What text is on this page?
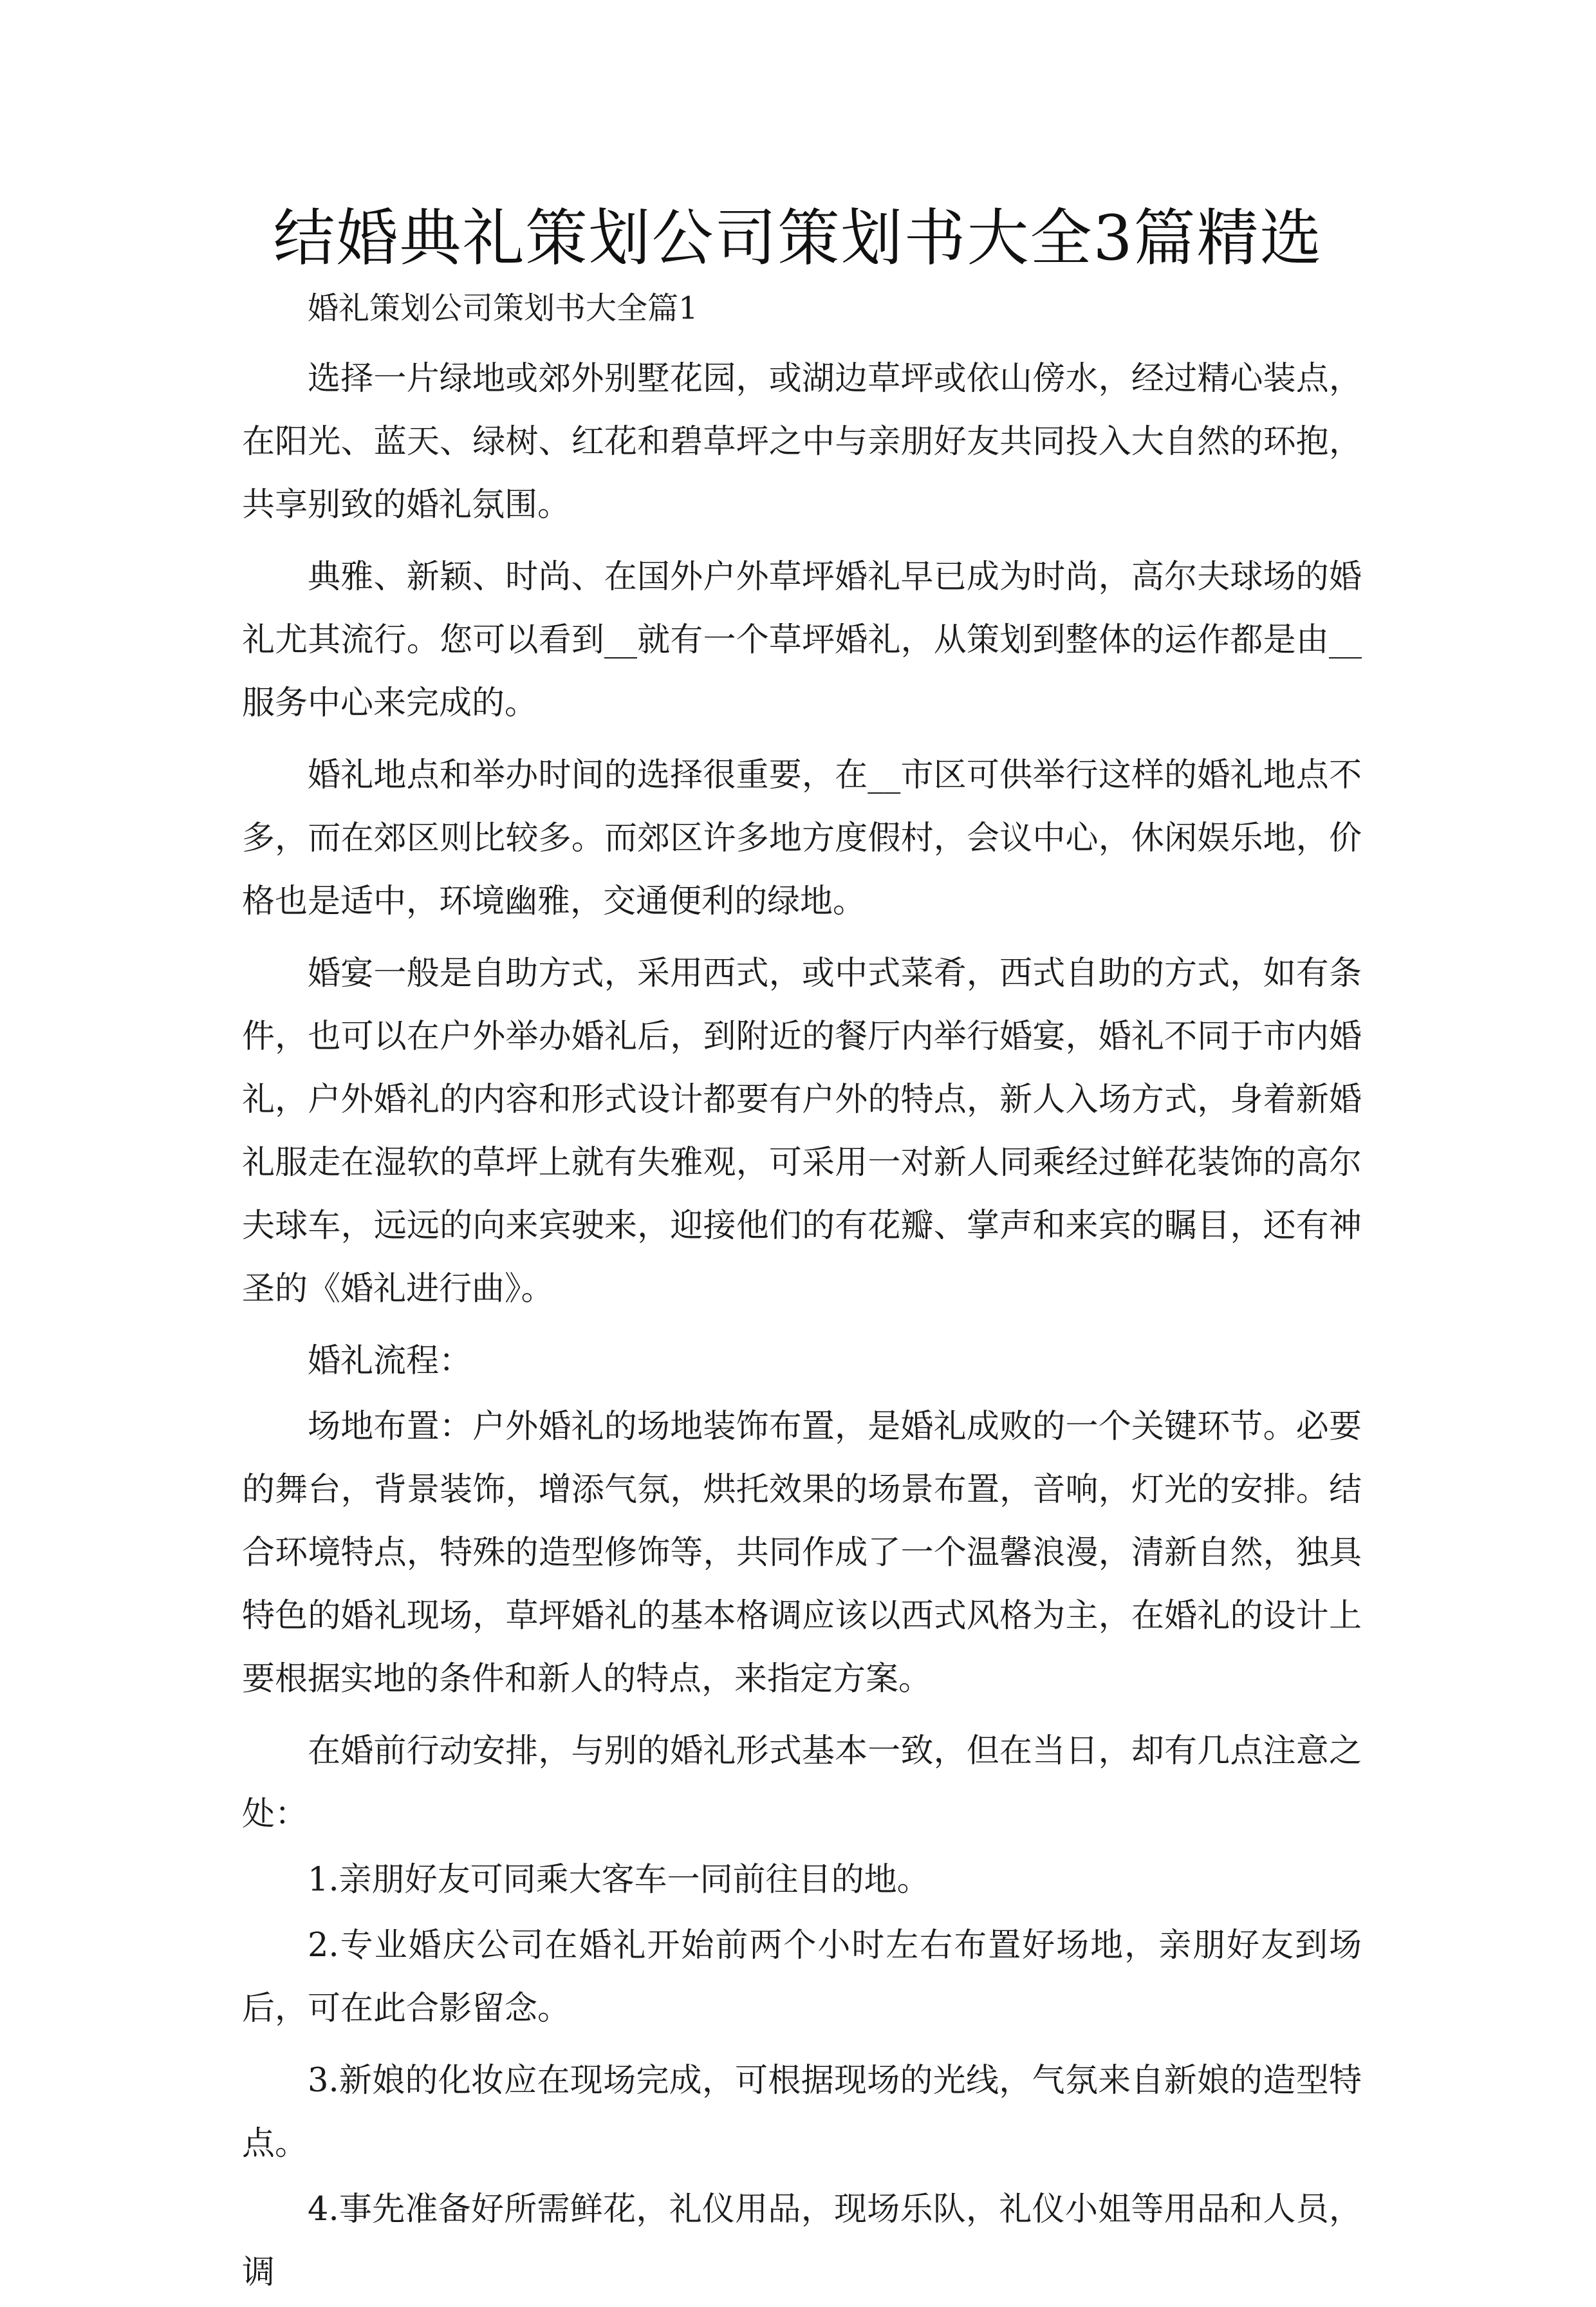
结婚典礼策划公司策划书大全3篇精选

婚礼策划公司策划书大全篇1

选择一片绿地或郊外别墅花园，或湖边草坪或依山傍水，经过精心装点，在阳光、蓝天、绿树、红花和碧草坪之中与亲朋好友共同投入大自然的环抱，共享别致的婚礼氛围。

典雅、新颖、时尚、在国外户外草坪婚礼早已成为时尚，高尔夫球场的婚礼尤其流行。您可以看到__就有一个草坪婚礼，从策划到整体的运作都是由__服务中心来完成的。

婚礼地点和举办时间的选择很重要，在__市区可供举行这样的婚礼地点不多，而在郊区则比较多。而郊区许多地方度假村，会议中心，休闲娱乐地，价格也是适中，环境幽雅，交通便利的绿地。

婚宴一般是自助方式，采用西式，或中式菜肴，西式自助的方式，如有条件，也可以在户外举办婚礼后，到附近的餐厅内举行婚宴，婚礼不同于市内婚礼，户外婚礼的内容和形式设计都要有户外的特点，新人入场方式，身着新婚礼服走在湿软的草坪上就有失雅观，可采用一对新人同乘经过鲜花装饰的高尔夫球车，远远的向来宾驶来，迎接他们的有花瓣、掌声和来宾的瞩目，还有神圣的《婚礼进行曲》。

婚礼流程：

场地布置：户外婚礼的场地装饰布置，是婚礼成败的一个关键环节。必要的舞台，背景装饰，增添气氛，烘托效果的场景布置，音响，灯光的安排。结合环境特点，特殊的造型修饰等，共同作成了一个温馨浪漫，清新自然，独具特色的婚礼现场，草坪婚礼的基本格调应该以西式风格为主，在婚礼的设计上要根据实地的条件和新人的特点，来指定方案。

在婚前行动安排，与别的婚礼形式基本一致，但在当日，却有几点注意之处：

1.亲朋好友可同乘大客车一同前往目的地。

2.专业婚庆公司在婚礼开始前两个小时左右布置好场地，亲朋好友到场后，可在此合影留念。

3.新娘的化妆应在现场完成，可根据现场的光线，气氛来自新娘的造型特点。

4.事先准备好所需鲜花，礼仪用品，现场乐队，礼仪小姐等用品和人员，调
